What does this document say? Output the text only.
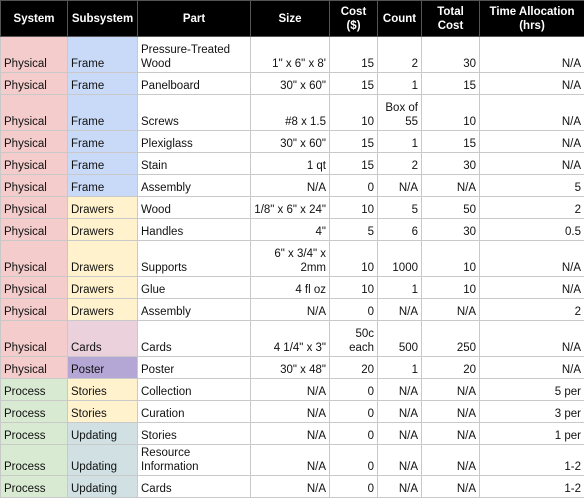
System	Subsystem	Part	Size	Cost ($)	Count	Total Cost	Time Allocation (hrs)
Physical	Frame	Pressure-Treated Wood	1" x 6" x 8'	15	2	30	N/A
Physical	Frame	Panelboard	30" x 60"	15	1	15	N/A
Physical	Frame	Screws	#8 x 1.5	10	Box of 55	10	N/A
Physical	Frame	Plexiglass	30" x 60"	15	1	15	N/A
Physical	Frame	Stain	1 qt	15	2	30	N/A
Physical	Frame	Assembly	N/A	0	N/A	N/A	5
Physical	Drawers	Wood	1/8" x 6" x 24"	10	5	50	2
Physical	Drawers	Handles	4"	5	6	30	0.5
Physical	Drawers	Supports	6" x 3/4" x 2mm	10	1000	10	N/A
Physical	Drawers	Glue	4 fl oz	10	1	10	N/A
Physical	Drawers	Assembly	N/A	0	N/A	N/A	2
Physical	Cards	Cards	4 1/4" x 3"	50c each	500	250	N/A
Physical	Poster	Poster	30" x 48"	20	1	20	N/A
Process	Stories	Collection	N/A	0	N/A	N/A	5 per
Process	Stories	Curation	N/A	0	N/A	N/A	3 per
Process	Updating	Stories	N/A	0	N/A	N/A	1 per
Process	Updating	Resource Information	N/A	0	N/A	N/A	1-2
Process	Updating	Cards	N/A	0	N/A	N/A	1-2
